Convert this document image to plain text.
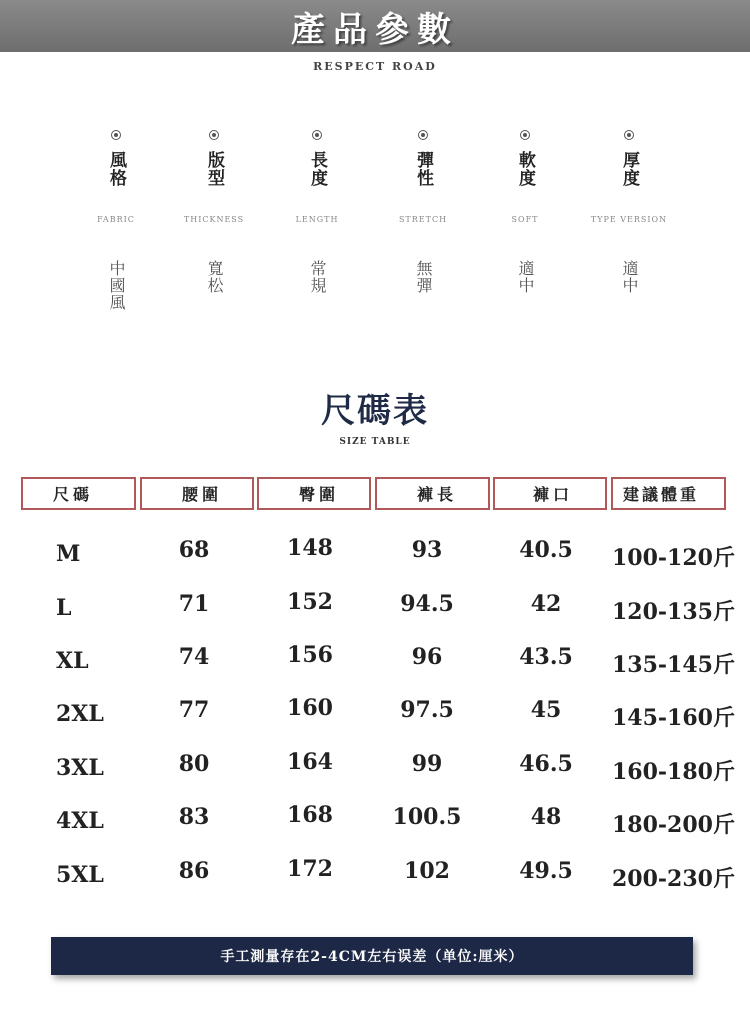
產品參數
RESPECT ROAD
風格
FABRIC
中國風
版型
THICKNESS
寬松
長度
LENGTH
常規
彈性
STRETCH
無彈
軟度
SOFT
適中
厚度
TYPE VERSION
適中
尺碼表
SIZE TABLE
尺碼	腰圍	臀圍	褲長	褲口	建議體重
M	68	148	93	40.5	100-120斤
L	71	152	94.5	42	120-135斤
XL	74	156	96	43.5	135-145斤
2XL	77	160	97.5	45	145-160斤
3XL	80	164	99	46.5	160-180斤
4XL	83	168	100.5	48	180-200斤
5XL	86	172	102	49.5	200-230斤
手工測量存在2-4CM左右误差（单位:厘米）
